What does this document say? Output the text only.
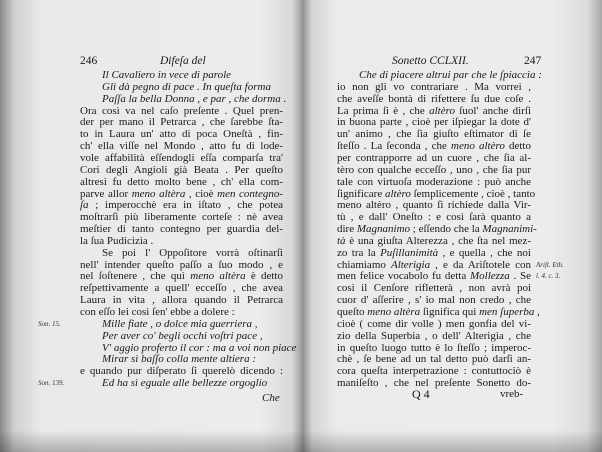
246	Difeſa del
Il Cavaliero in vece di parole
Gli dà pegno di pace . In queſta forma
Paſſa la bella Donna , e par , che dorma .
Ora così va nel caſo preſente . Quel pren-
der per mano il Petrarca , che ſarebbe ſta-
to in Laura un' atto di poca Oneſtà , fin-
ch' ella viſſe nel Mondo , atto fu di lode-
vole affabilità eſſendogli eſſa comparſa tra'
Cori degli Angioli già Beata . Per queſto
altresì fu detto molto bene , ch' ella com-
parve allor meno altèra , cioè men contegno-
ſa ; imperocchè era in iſtato , che potea
moſtrarſi più liberamente corteſe : nè avea
meſtier di tanto contegno per guardia del-
la ſua Pudicizia .
Se poi l' Oppoſitore vorrà oſtinarſi
nell' intender queſto paſſo a ſuo modo , e
nel ſoſtenere , che quì meno altèra è detto
reſpettivamente a quell' ecceſſo , che avea
Laura in vita , allora quando il Petrarca
con eſſo lei così ſen' ebbe a dolere :
Mille fiate , o dolce mia guerriera ,
Per aver co' begli occhi voſtri pace ,
V' aggio proferto il cor : ma a voi non piace
Mirar sì baſſo colla mente altiera :
e quando pur diſperato ſi querelò dicendo :
Ed ha sì eguale alle bellezze orgoglio
Son. 15.
Son. 139.
Che
Sonetto CCLXII.	247
Che di piacere altrui par che le ſpiaccia :
io non gli vo contrariare . Ma vorrei ,
che aveſſe bontà di rifettere ſu due coſe .
La prima ſi è , che altèro ſuol' anche dirſi
in buona parte , cioè per iſpiegar la dote d'
un' animo , che ſia giuſto eſtimator di ſe
ſteſſo . La ſeconda , che meno altèro detto
per contrapporre ad un cuore , che ſia al-
tèro con qualche ecceſſo , uno , che ſia pur
tale con virtuoſa moderazione : può anche
ſignificare altèro ſemplicemente , cioè , tanto
meno altèro , quanto ſi richiede dalla Vir-
tù , e dall' Oneſto : e così ſarà quanto a
dire Magnanimo ; eſſendo che la Magnanimi-
tà è una giuſta Alterezza , che ſta nel mez-
zo tra la Puſillanimità , e quella , che noi
chiamiamo Alterigia , e da Ariſtotele con
men felice vocabolo fu detta Mollezza . Se
così il Cenſore rifletterà , non avrà poi
cuor d' aſſerire , s' io mal non credo , che
queſto meno altèra ſignifica qui men ſuperba ,
cioè ( come dir volle ) men gonfia del vi-
zio della Superbia , o dell' Alterigia , che
in queſto luogo tutto è lo ſteſſo ; imperoc-
chè , ſe bene ad un tal detto può darſi an-
cora queſta interpetrazione : contuttociò è
maniſeſto , che nel preſente Sonetto do-
Ariſt. Eth.
l. 4. c. 3.
Q 4	vreb-
